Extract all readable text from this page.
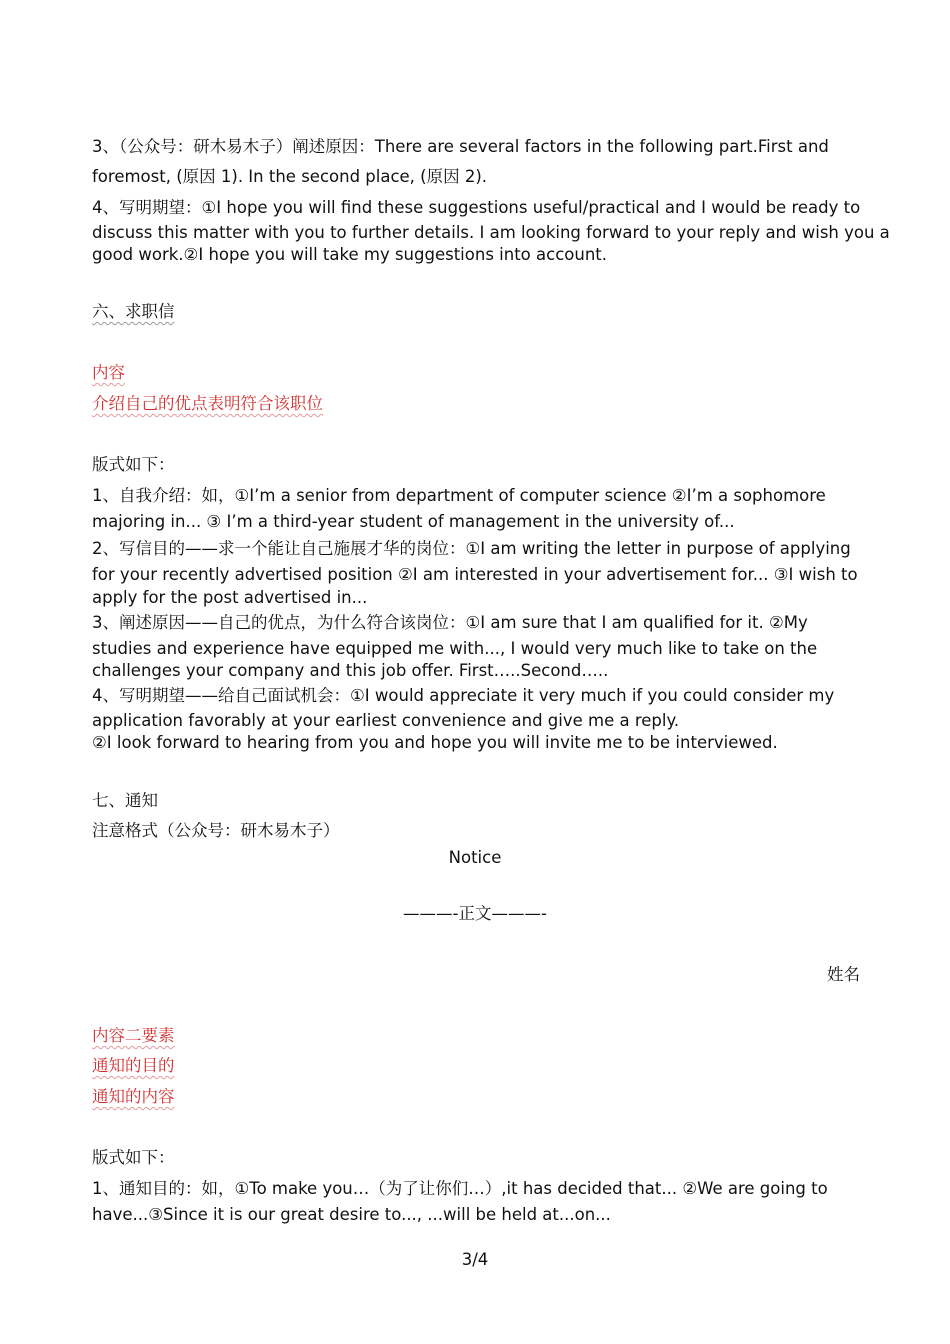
3、（公众号：研木易木子）阐述原因：There are several factors in the following part.First and
foremost, (原因 1). In the second place, (原因 2).
4、写明期望：①I hope you will find these suggestions useful/practical and I would be ready to
discuss this matter with you to further details. I am looking forward to your reply and wish you a
good work.②I hope you will take my suggestions into account.
六、求职信
内容
介绍自己的优点表明符合该职位
版式如下：
1、自我介绍：如，①I’m a senior from department of computer science ②I’m a sophomore
majoring in... ③ I’m a third-year student of management in the university of...
2、写信目的——求一个能让自己施展才华的岗位：①I am writing the letter in purpose of applying
for your recently advertised position ②I am interested in your advertisement for... ③I wish to
apply for the post advertised in...
3、阐述原因——自己的优点，为什么符合该岗位：①I am sure that I am qualified for it. ②My
studies and experience have equipped me with..., I would very much like to take on the
challenges your company and this job offer. First…..Second…..
4、写明期望——给自己面试机会：①I would appreciate it very much if you could consider my
application favorably at your earliest convenience and give me a reply.
②I look forward to hearing from you and hope you will invite me to be interviewed.
七、通知
注意格式（公众号：研木易木子）
Notice
———-正文———-
姓名
内容二要素
通知的目的
通知的内容
版式如下：
1、通知目的：如，①To make you…（为了让你们…）,it has decided that... ②We are going to
have...③Since it is our great desire to..., ...will be held at...on...
3/4
